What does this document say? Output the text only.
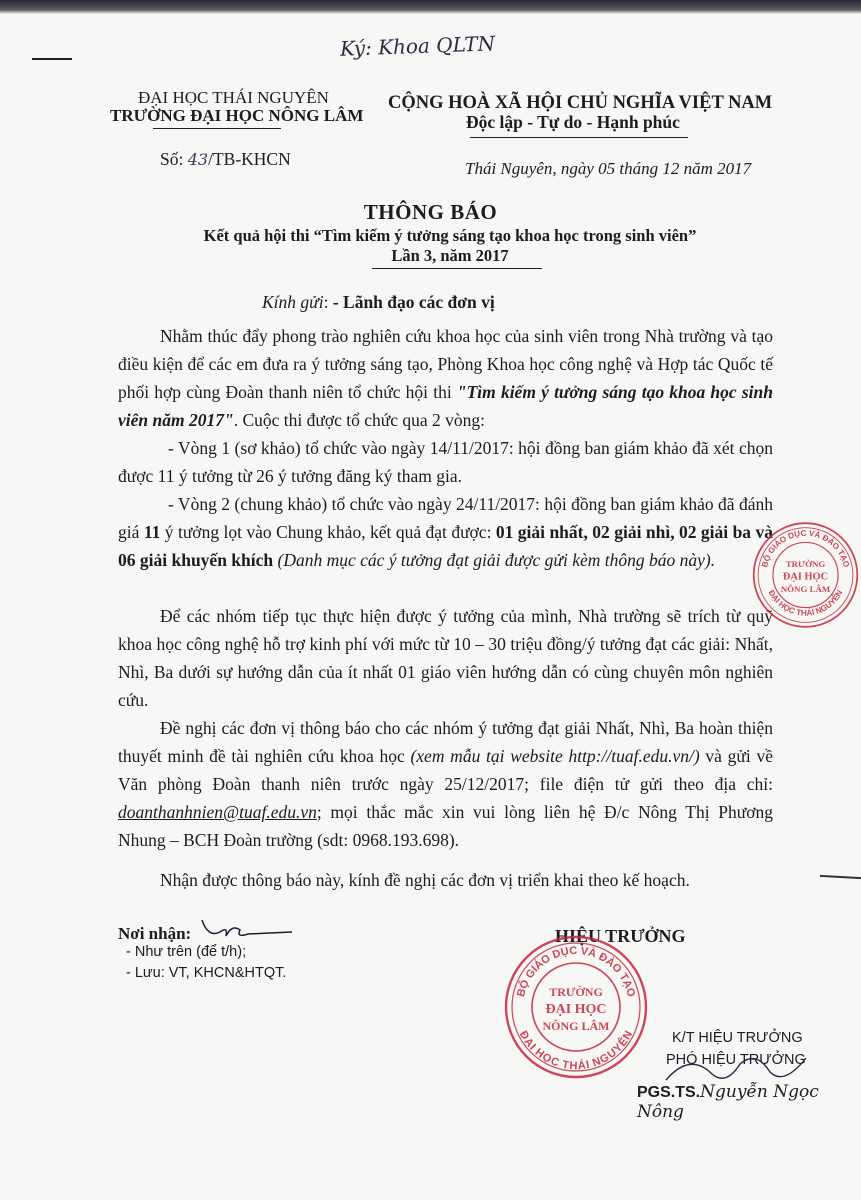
Ký: Khoa QLTN
ĐẠI HỌC THÁI NGUYÊN
TRƯỜNG ĐẠI HỌC NÔNG LÂM
CỘNG HOÀ XÃ HỘI CHỦ NGHĨA VIỆT NAM
Độc lập - Tự do - Hạnh phúc
Số: 43/TB-KHCN	Thái Nguyên, ngày 05 tháng 12 năm 2017
THÔNG BÁO
Kết quả hội thi “Tìm kiếm ý tưởng sáng tạo khoa học trong sinh viên”
Lần 3, năm 2017
Kính gửi: - Lãnh đạo các đơn vị
Nhằm thúc đẩy phong trào nghiên cứu khoa học của sinh viên trong Nhà trường và tạo điều kiện để các em đưa ra ý tưởng sáng tạo, Phòng Khoa học công nghệ và Hợp tác Quốc tế phối hợp cùng Đoàn thanh niên tổ chức hội thi "Tìm kiếm ý tưởng sáng tạo khoa học sinh viên năm 2017". Cuộc thi được tổ chức qua 2 vòng:
- Vòng 1 (sơ khảo) tổ chức vào ngày 14/11/2017: hội đồng ban giám khảo đã xét chọn được 11 ý tưởng từ 26 ý tưởng đăng ký tham gia.
- Vòng 2 (chung khảo) tổ chức vào ngày 24/11/2017: hội đồng ban giám khảo đã đánh giá 11 ý tưởng lọt vào Chung khảo, kết quả đạt được: 01 giải nhất, 02 giải nhì, 02 giải ba và 06 giải khuyến khích (Danh mục các ý tưởng đạt giải được gửi kèm thông báo này).
Để các nhóm tiếp tục thực hiện được ý tưởng của mình, Nhà trường sẽ trích từ quỹ khoa học công nghệ hỗ trợ kinh phí với mức từ 10 – 30 triệu đồng/ý tưởng đạt các giải: Nhất, Nhì, Ba dưới sự hướng dẫn của ít nhất 01 giáo viên hướng dẫn có cùng chuyên môn nghiên cứu.
Đề nghị các đơn vị thông báo cho các nhóm ý tưởng đạt giải Nhất, Nhì, Ba hoàn thiện thuyết minh đề tài nghiên cứu khoa học (xem mẫu tại website http://tuaf.edu.vn/) và gửi về Văn phòng Đoàn thanh niên trước ngày 25/12/2017; file điện tử gửi theo địa chỉ: doanthanhnien@tuaf.edu.vn; mọi thắc mắc xin vui lòng liên hệ Đ/c Nông Thị Phương Nhung – BCH Đoàn trường (sdt: 0968.193.698).
Nhận được thông báo này, kính đề nghị các đơn vị triển khai theo kế hoạch.
Nơi nhận:
- Như trên (để t/h);
- Lưu: VT, KHCN&HTQT.
HIỆU TRƯỞNG
K/T HIỆU TRƯỞNG
PHÓ HIỆU TRƯỞNG
PGS.TS.Nguyễn Ngọc Nông
BỘ GIÁO DỤC VÀ ĐÀO TẠO
ĐẠI HỌC THÁI NGUYÊN
TRƯỜNG
ĐẠI HỌC
NÔNG LÂM
BỘ GIÁO DỤC VÀ ĐÀO TẠO
ĐẠI HỌC THÁI NGUYÊN
TRƯỜNG
ĐẠI HỌC
NÔNG LÂM
